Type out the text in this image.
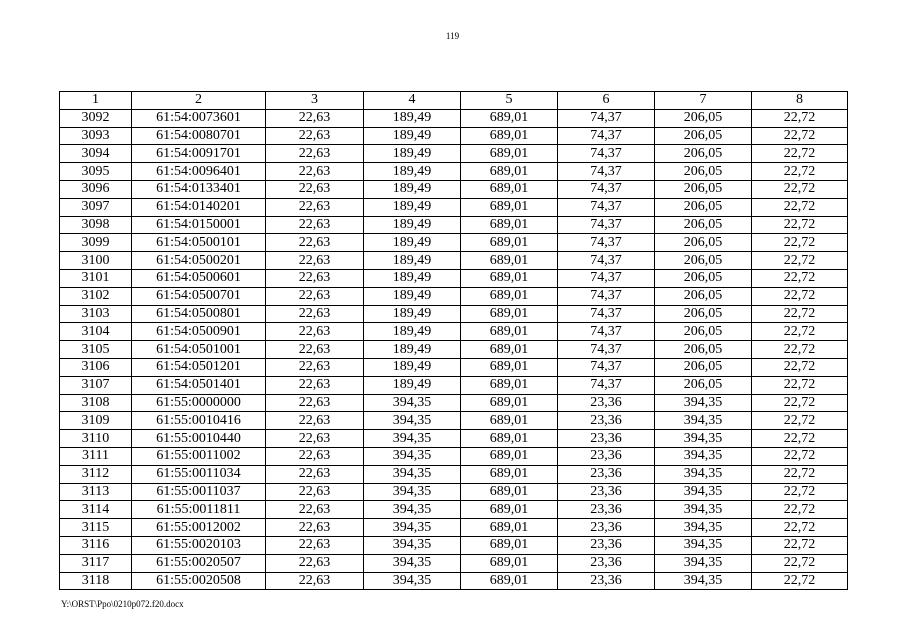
119
1	2	3	4	5	6	7	8
3092	61:54:0073601	22,63	189,49	689,01	74,37	206,05	22,72
3093	61:54:0080701	22,63	189,49	689,01	74,37	206,05	22,72
3094	61:54:0091701	22,63	189,49	689,01	74,37	206,05	22,72
3095	61:54:0096401	22,63	189,49	689,01	74,37	206,05	22,72
3096	61:54:0133401	22,63	189,49	689,01	74,37	206,05	22,72
3097	61:54:0140201	22,63	189,49	689,01	74,37	206,05	22,72
3098	61:54:0150001	22,63	189,49	689,01	74,37	206,05	22,72
3099	61:54:0500101	22,63	189,49	689,01	74,37	206,05	22,72
3100	61:54:0500201	22,63	189,49	689,01	74,37	206,05	22,72
3101	61:54:0500601	22,63	189,49	689,01	74,37	206,05	22,72
3102	61:54:0500701	22,63	189,49	689,01	74,37	206,05	22,72
3103	61:54:0500801	22,63	189,49	689,01	74,37	206,05	22,72
3104	61:54:0500901	22,63	189,49	689,01	74,37	206,05	22,72
3105	61:54:0501001	22,63	189,49	689,01	74,37	206,05	22,72
3106	61:54:0501201	22,63	189,49	689,01	74,37	206,05	22,72
3107	61:54:0501401	22,63	189,49	689,01	74,37	206,05	22,72
3108	61:55:0000000	22,63	394,35	689,01	23,36	394,35	22,72
3109	61:55:0010416	22,63	394,35	689,01	23,36	394,35	22,72
3110	61:55:0010440	22,63	394,35	689,01	23,36	394,35	22,72
3111	61:55:0011002	22,63	394,35	689,01	23,36	394,35	22,72
3112	61:55:0011034	22,63	394,35	689,01	23,36	394,35	22,72
3113	61:55:0011037	22,63	394,35	689,01	23,36	394,35	22,72
3114	61:55:0011811	22,63	394,35	689,01	23,36	394,35	22,72
3115	61:55:0012002	22,63	394,35	689,01	23,36	394,35	22,72
3116	61:55:0020103	22,63	394,35	689,01	23,36	394,35	22,72
3117	61:55:0020507	22,63	394,35	689,01	23,36	394,35	22,72
3118	61:55:0020508	22,63	394,35	689,01	23,36	394,35	22,72
Y:\ORST\Ppo\0210p072.f20.docx
